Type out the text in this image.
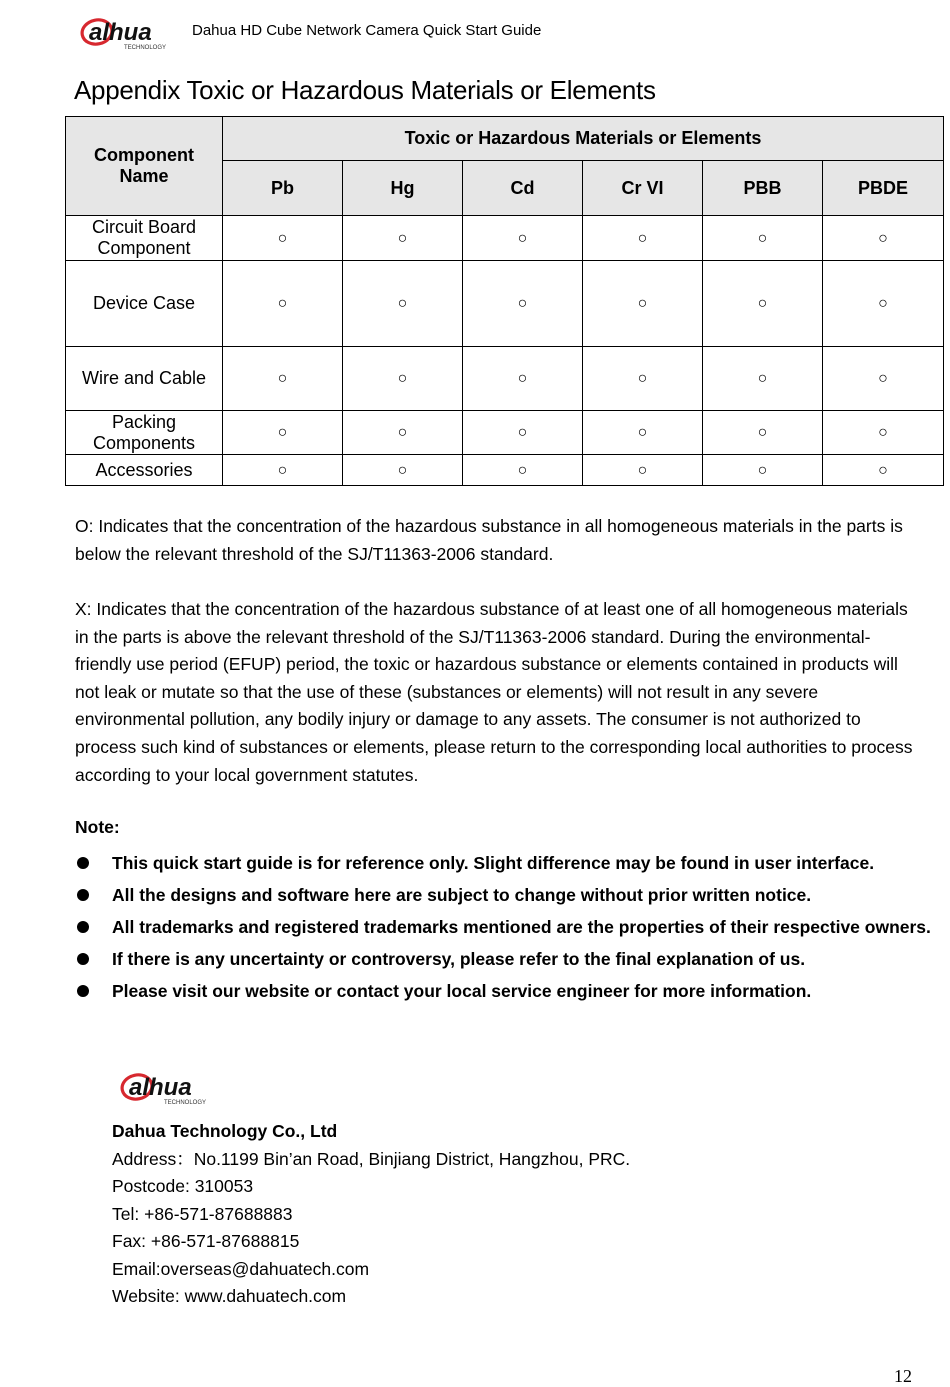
alhua
TECHNOLOGY
Dahua HD Cube Network Camera Quick Start Guide
Appendix Toxic or Hazardous Materials or Elements
Component Name	Toxic or Hazardous Materials or Elements					
	Pb	Hg	Cd	Cr VI	PBB	PBDE
Circuit Board Component	○	○	○	○	○	○
Device Case	○	○	○	○	○	○
Wire and Cable	○	○	○	○	○	○
Packing Components	○	○	○	○	○	○
Accessories	○	○	○	○	○	○

O: Indicates that the concentration of the hazardous substance in all homogeneous materials in the parts is below the relevant threshold of the SJ/T11363-2006 standard.

X: Indicates that the concentration of the hazardous substance of at least one of all homogeneous materials in the parts is above the relevant threshold of the SJ/T11363-2006 standard. During the environmental-friendly use period (EFUP) period, the toxic or hazardous substance or elements contained in products will not leak or mutate so that the use of these (substances or elements) will not result in any severe environmental pollution, any bodily injury or damage to any assets. The consumer is not authorized to process such kind of substances or elements, please return to the corresponding local authorities to process according to your local government statutes.

Note:
This quick start guide is for reference only. Slight difference may be found in user interface.
All the designs and software here are subject to change without prior written notice.
All trademarks and registered trademarks mentioned are the properties of their respective owners.
If there is any uncertainty or controversy, please refer to the final explanation of us.
Please visit our website or contact your local service engineer for more information.
alhua
TECHNOLOGY
Dahua Technology Co., Ltd
Address：No.1199 Bin’an Road, Binjiang District, Hangzhou, PRC.
Postcode: 310053
Tel: +86-571-87688883
Fax: +86-571-87688815
Email:overseas@dahuatech.com
Website: www.dahuatech.com
12
